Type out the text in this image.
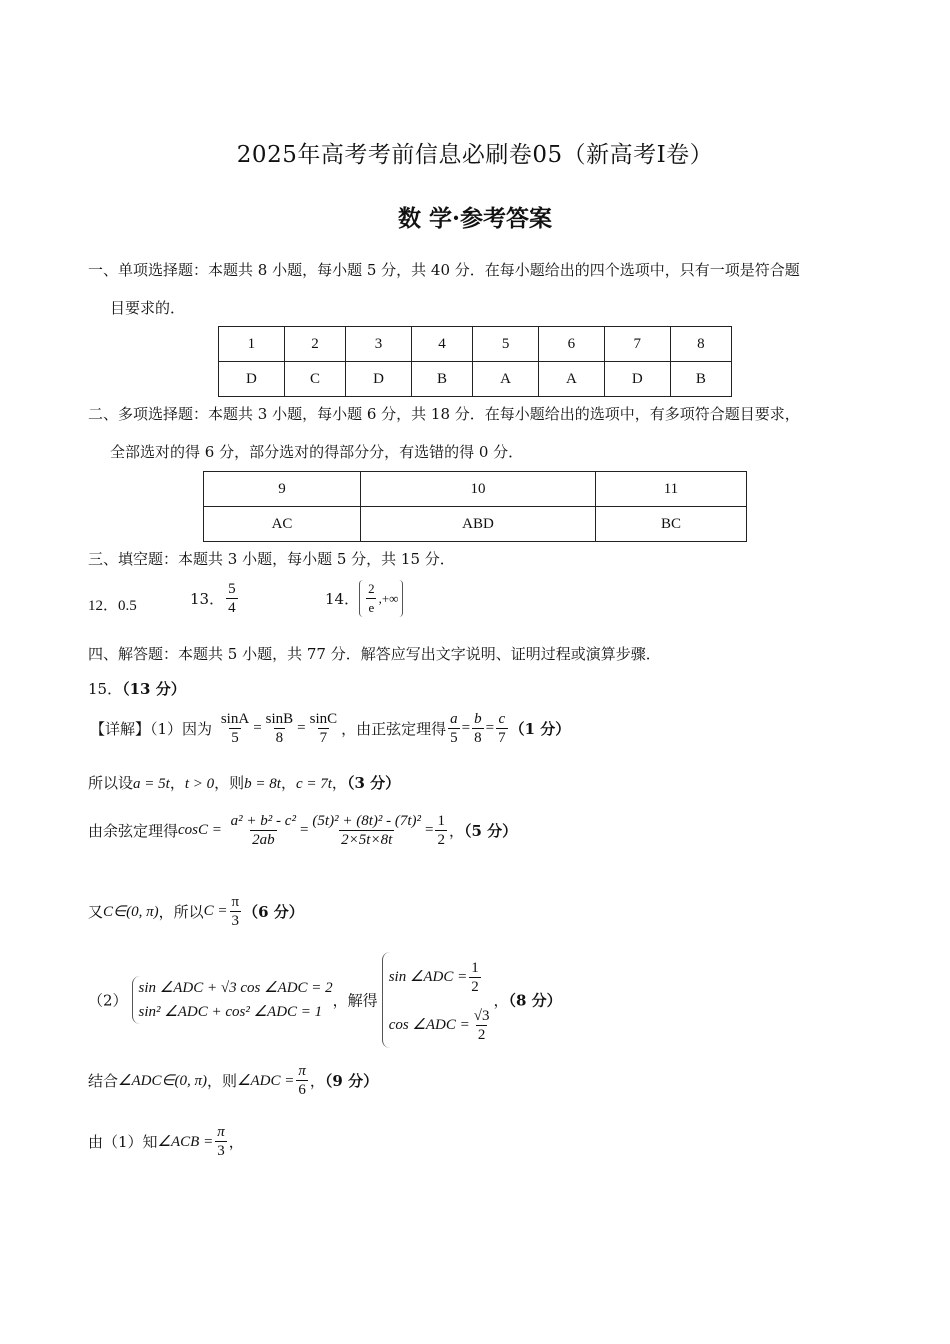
2025年高考考前信息必刷卷05（新高考Ⅰ卷）
数 学·参考答案
一、单项选择题：本题共 8 小题，每小题 5 分，共 40 分．在每小题给出的四个选项中，只有一项是符合题
目要求的．
1	2	3	4	5	6	7	8
D	C	D	B	A	A	D	B
二、多项选择题：本题共 3 小题，每小题 6 分，共 18 分．在每小题给出的选项中，有多项符合题目要求，
全部选对的得 6 分，部分选对的得部分分，有选错的得 0 分．
9	10	11
AC	ABD	BC
三、填空题：本题共 3 小题，每小题 5 分，共 15 分．
12．0.5	13． $\frac{5}{4}$	14． $\frac{2}{e}$ ,+∞
四、解答题：本题共 5 小题，共 77 分．解答应写出文字说明、证明过程或演算步骤．
15．（13 分）
【详解】（1）因为 $\frac{\sin A}{5} = \frac{\sin B}{8} = \frac{\sin C}{7}$ ，由正弦定理得 $\frac{a}{5} = \frac{b}{8} = \frac{c}{7} (1$ 分）
所以设a = 5t，t > 0，则b = 8t，c = 7t，（3 分）
由余弦定理得$\cos C = \frac{\text{a² + b² - c²}}{2ab} = \frac{\text{(5t)² + (8t)² - (7t)²}}{2\times 5t\times 8t} = \frac{1}{2}$ ，（5 分）
又C∈(0, π)，所以$C = \frac{\pi}{3} (6$ 分）
（2）
sin ∠ADC + √3 cos ∠ADC = 2
sin² ∠ADC + cos² ∠ADC = 1
，解得
sin ∠ADC = $\frac{1}{2}$
cos ∠ADC = $\frac{√3}{2}$
，（8 分）
结合∠ADC∈(0, π)，则∠ADC = $\frac{\pi}{6}$ ，（9 分）
由（1）知∠ACB = $\frac{\pi}{3}$ ，
